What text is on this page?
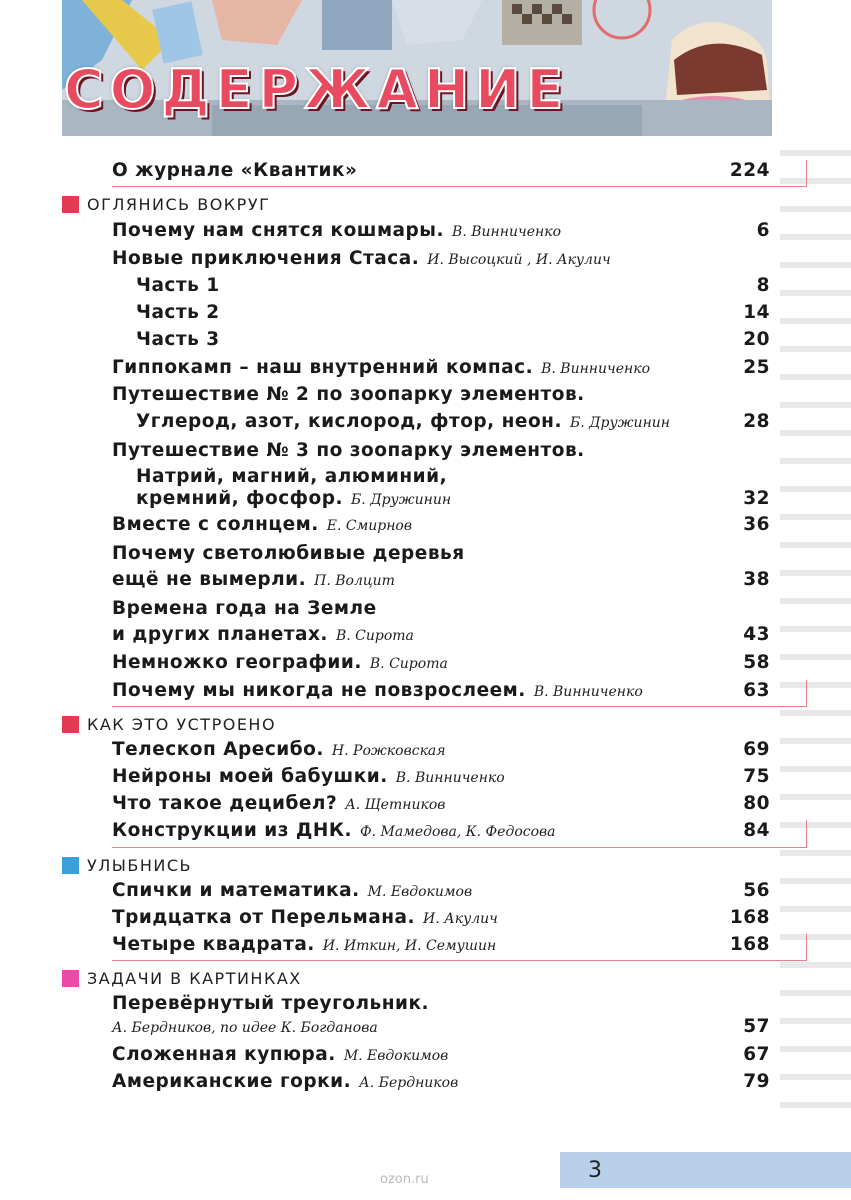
СОДЕРЖАНИЕ
О журнале «Квантик»	224
ОГЛЯНИСЬ ВОКРУГ
Почему нам снятся кошмары. В. Винниченко	6
Новые приключения Стаса. И. Высоцкий , И. Акулич
Часть 1	8
Часть 2	14
Часть 3	20
Гиппокамп – наш внутренний компас. В. Винниченко	25
Путешествие № 2 по зоопарку элементов.
Углерод, азот, кислород, фтор, неон. Б. Дружинин	28
Путешествие № 3 по зоопарку элементов.
Натрий, магний, алюминий,
кремний, фосфор. Б. Дружинин	32
Вместе с солнцем. Е. Смирнов	36
Почему светолюбивые деревья
ещё не вымерли. П. Волцит	38
Времена года на Земле
и других планетах. В. Сирота	43
Немножко географии. В. Сирота	58
Почему мы никогда не повзрослеем. В. Винниченко	63
КАК ЭТО УСТРОЕНО
Телескоп Аресибо. Н. Рожковская	69
Нейроны моей бабушки. В. Винниченко	75
Что такое децибел? А. Щетников	80
Конструкции из ДНК. Ф. Мамедова, К. Федосова	84
УЛЫБНИСЬ
Спички и математика. М. Евдокимов	56
Тридцатка от Перельмана. И. Акулич	168
Четыре квадрата. И. Иткин, И. Семушин	168
ЗАДАЧИ В КАРТИНКАХ
Перевёрнутый треугольник.
А. Бердников, по идее К. Богданова	57
Сложенная купюра. М. Евдокимов	67
Американские горки. А. Бердников	79
3
ozon.ru
